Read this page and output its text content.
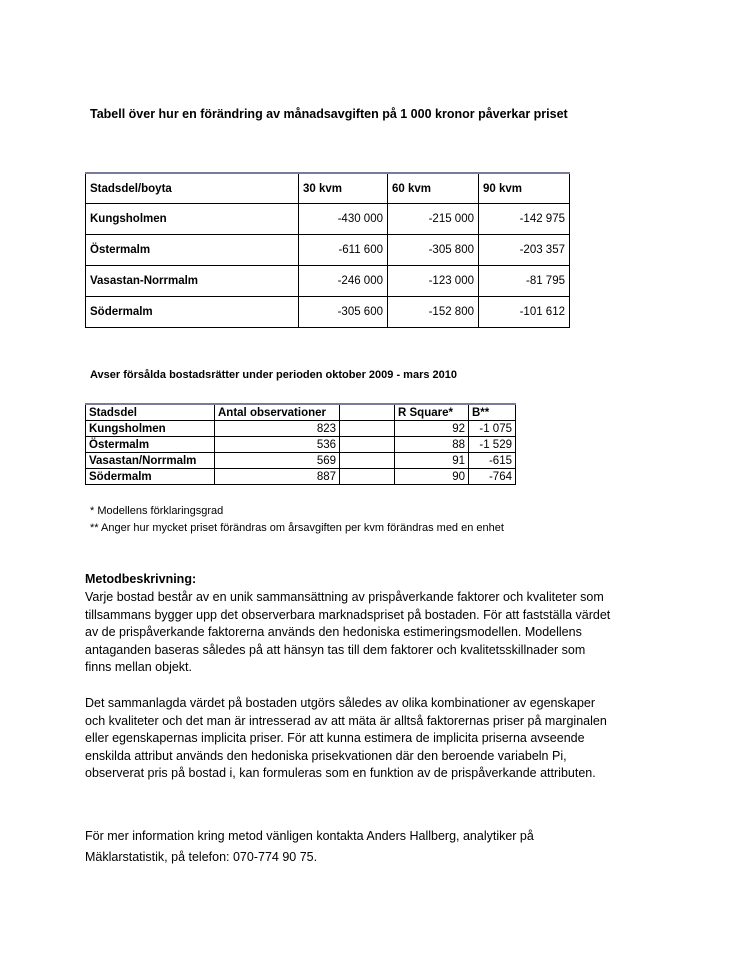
Tabell över hur en förändring av månadsavgiften på 1 000 kronor påverkar priset
Stadsdel/boyta	30 kvm	60 kvm	90 kvm
Kungsholmen	-430 000	-215 000	-142 975
Östermalm	-611 600	-305 800	-203 357
Vasastan-Norrmalm	-246 000	-123 000	-81 795
Södermalm	-305 600	-152 800	-101 612
Avser försålda bostadsrätter under perioden oktober 2009 - mars 2010
Stadsdel	Antal observationer		R Square*	B**
Kungsholmen	823		92	-1 075
Östermalm	536		88	-1 529
Vasastan/Norrmalm	569		91	-615
Södermalm	887		90	-764
* Modellens förklaringsgrad
** Anger hur mycket priset förändras om årsavgiften per kvm förändras med en enhet
Metodbeskrivning:
Varje bostad består av en unik sammansättning av prispåverkande faktorer och kvaliteter som tillsammans bygger upp det observerbara marknadspriset på bostaden. För att fastställa värdet av de prispåverkande faktorerna används den hedoniska estimeringsmodellen. Modellens antaganden baseras således på att hänsyn tas till dem faktorer och kvalitetsskillnader som finns mellan objekt.
Det sammanlagda värdet på bostaden utgörs således av olika kombinationer av egenskaper och kvaliteter och det man är intresserad av att mäta är alltså faktorernas priser på marginalen eller egenskapernas implicita priser. För att kunna estimera de implicita priserna avseende enskilda attribut används den hedoniska prisekvationen där den beroende variabeln Pi, observerat pris på bostad i, kan formuleras som en funktion av de prispåverkande attributen.
För mer information kring metod vänligen kontakta Anders Hallberg, analytiker på Mäklarstatistik, på telefon: 070-774 90 75.
